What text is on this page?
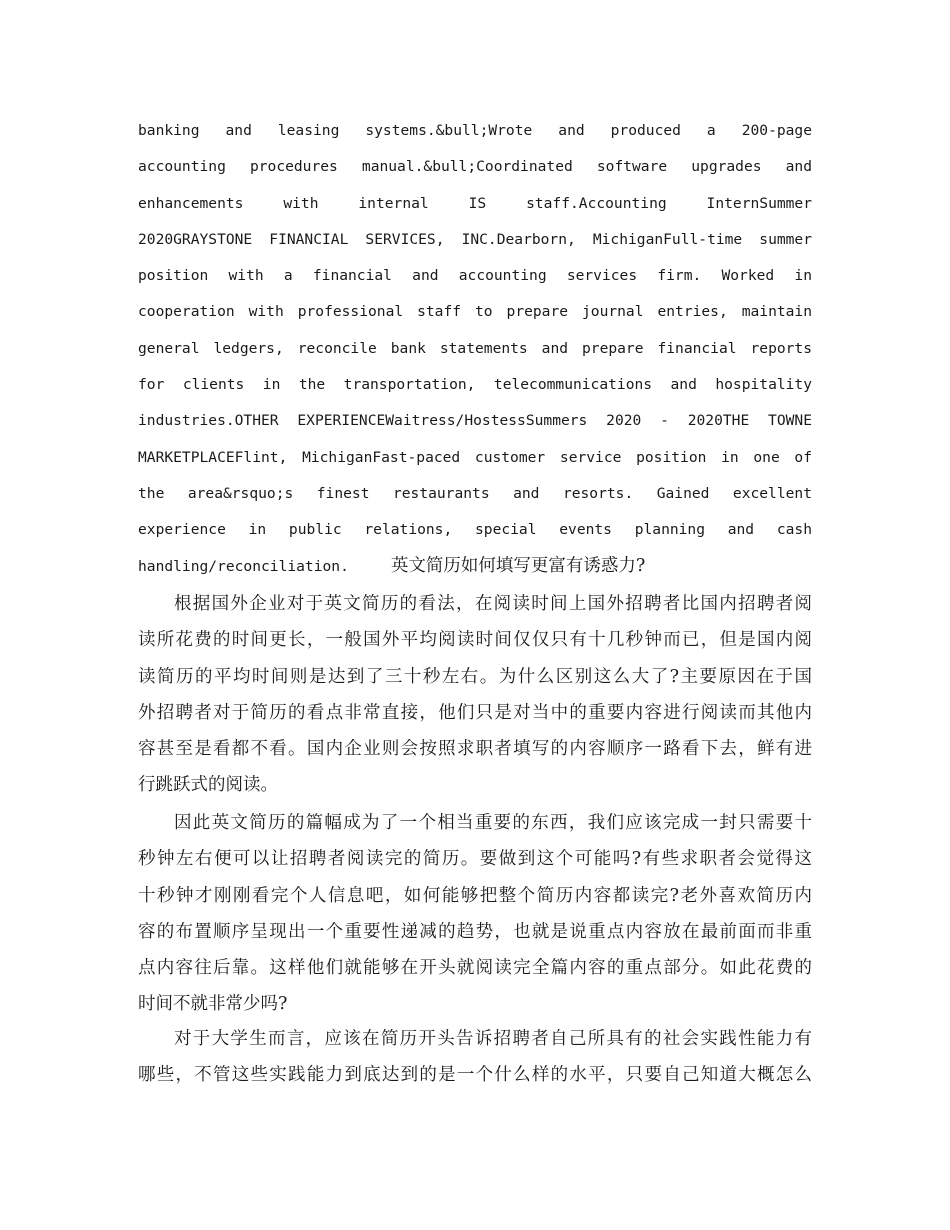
banking and leasing systems.&bull;Wrote and produced a 200-page

accounting procedures manual.&bull;Coordinated software upgrades and

enhancements with internal IS staff.Accounting InternSummer

2020GRAYSTONE FINANCIAL SERVICES, INC.Dearborn, MichiganFull-time summer

position with a financial and accounting services firm. Worked in

cooperation with professional staff to prepare journal entries, maintain

general ledgers, reconcile bank statements and prepare financial reports

for clients in the transportation, telecommunications and hospitality

industries.OTHER EXPERIENCEWaitress/HostessSummers 2020 - 2020THE TOWNE

MARKETPLACEFlint, MichiganFast-paced customer service position in one of

the area&rsquo;s finest restaurants and resorts. Gained excellent

experience in public relations, special events planning and cash

handling/reconciliation. 英文简历如何填写更富有诱惑力?

根据国外企业对于英文简历的看法，在阅读时间上国外招聘者比国内招聘者阅

读所花费的时间更长，一般国外平均阅读时间仅仅只有十几秒钟而已，但是国内阅

读简历的平均时间则是达到了三十秒左右。为什么区别这么大了?主要原因在于国

外招聘者对于简历的看点非常直接，他们只是对当中的重要内容进行阅读而其他内

容甚至是看都不看。国内企业则会按照求职者填写的内容顺序一路看下去，鲜有进

行跳跃式的阅读。

因此英文简历的篇幅成为了一个相当重要的东西，我们应该完成一封只需要十

秒钟左右便可以让招聘者阅读完的简历。要做到这个可能吗?有些求职者会觉得这

十秒钟才刚刚看完个人信息吧，如何能够把整个简历内容都读完?老外喜欢简历内

容的布置顺序呈现出一个重要性递减的趋势，也就是说重点内容放在最前面而非重

点内容往后靠。这样他们就能够在开头就阅读完全篇内容的重点部分。如此花费的

时间不就非常少吗?

对于大学生而言，应该在简历开头告诉招聘者自己所具有的社会实践性能力有

哪些，不管这些实践能力到底达到的是一个什么样的水平，只要自己知道大概怎么
